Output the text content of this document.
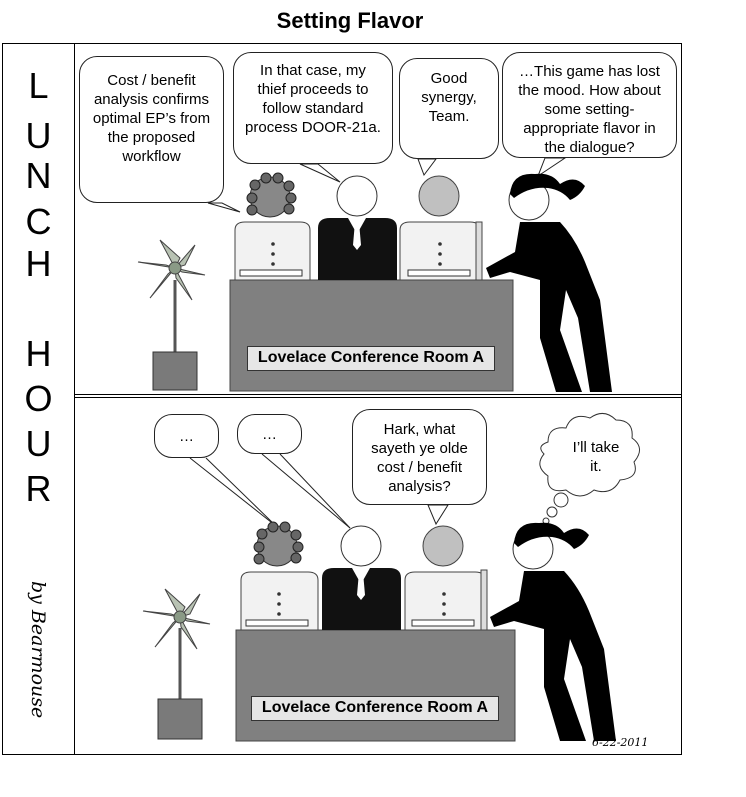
Setting Flavor
L
U
N
C
H
H
O
U
R
by Bearmouse
Cost / benefit analysis confirms optimal EP’s from the proposed workflow
In that case, my thief proceeds to follow standard process DOOR-21a.
Good synergy, Team.
…This game has lost the mood. How about some setting-appropriate flavor in the dialogue?
Lovelace Conference Room A
…	…	Hark, what sayeth ye olde cost / benefit analysis?
I’ll take it.
Lovelace Conference Room A
6-22-2011
